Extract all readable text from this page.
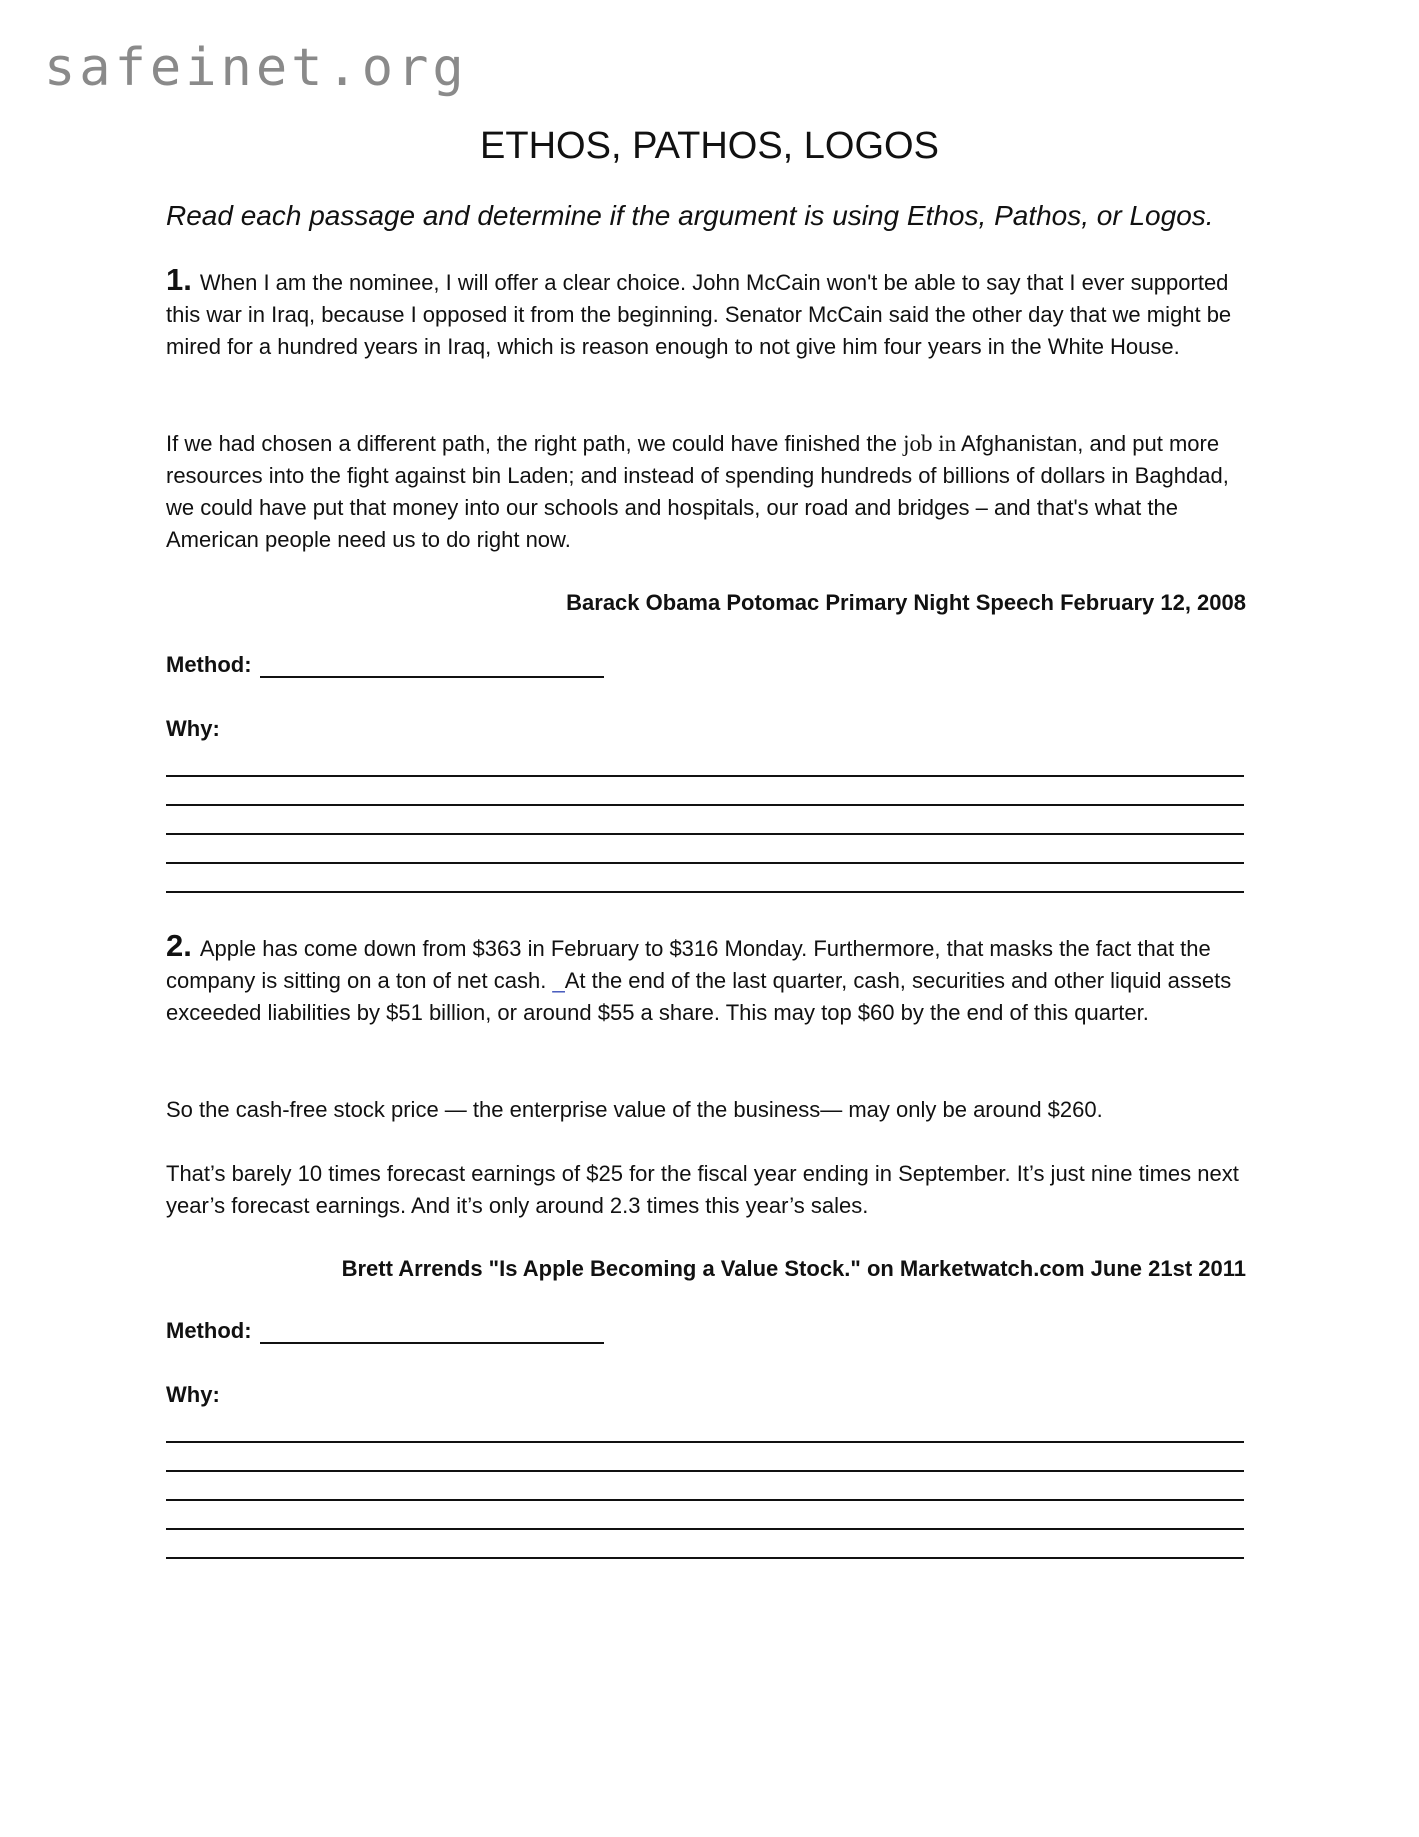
safeinet.org
ETHOS, PATHOS, LOGOS
Read each passage and determine if the argument is using Ethos, Pathos, or Logos.

1. When I am the nominee, I will offer a clear choice. John McCain won't be able to say that I ever supported this war in Iraq, because I opposed it from the beginning. Senator McCain said the other day that we might be mired for a hundred years in Iraq, which is reason enough to not give him four years in the White House.

If we had chosen a different path, the right path, we could have finished the job in Afghanistan, and put more resources into the fight against bin Laden; and instead of spending hundreds of billions of dollars in Baghdad, we could have put that money into our schools and hospitals, our road and bridges – and that's what the American people need us to do right now.

Barack Obama Potomac Primary Night Speech February 12, 2008
Method:
Why:

2. Apple has come down from $363 in February to $316 Monday. Furthermore, that masks the fact that the company is sitting on a ton of net cash. _At the end of the last quarter, cash, securities and other liquid assets exceeded liabilities by $51 billion, or around $55 a share. This may top $60 by the end of this quarter.

So the cash-free stock price — the enterprise value of the business— may only be around $260.

That’s barely 10 times forecast earnings of $25 for the fiscal year ending in September. It’s just nine times next year’s forecast earnings. And it’s only around 2.3 times this year’s sales.

Brett Arrends "Is Apple Becoming a Value Stock." on Marketwatch.com June 21st 2011
Method:
Why:
